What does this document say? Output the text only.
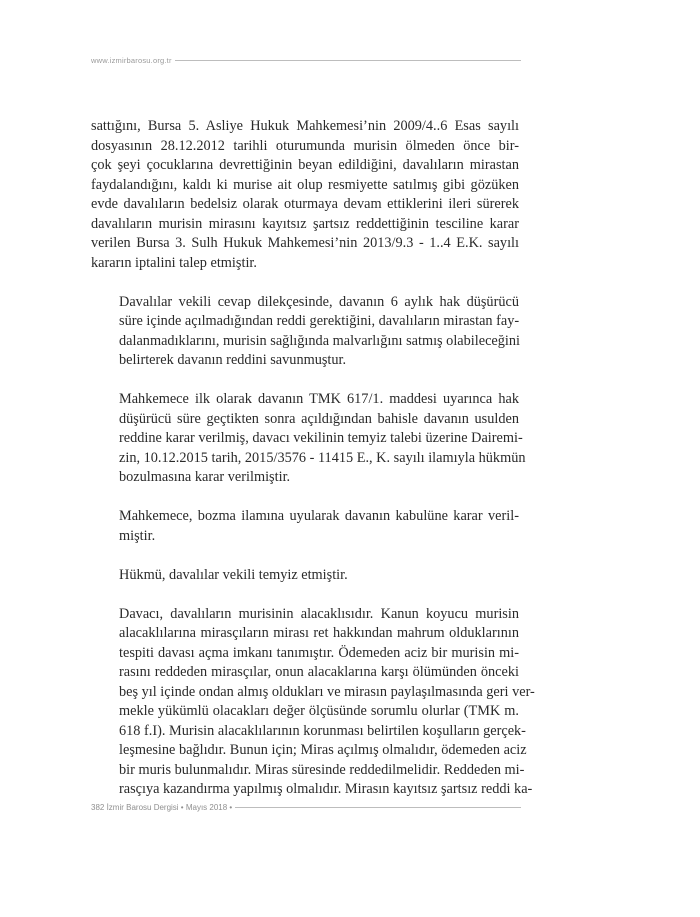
www.izmirbarosu.org.tr
sattığını, Bursa 5. Asliye Hukuk Mahkemesi’nin 2009/4..6 Esas sayılı
dosyasının 28.12.2012 tarihli oturumunda murisin ölmeden önce bir-
çok şeyi çocuklarına devrettiğinin beyan edildiğini, davalıların mirastan
faydalandığını, kaldı ki murise ait olup resmiyette satılmış gibi gözüken
evde davalıların bedelsiz olarak oturmaya devam ettiklerini ileri sürerek
davalıların murisin mirasını kayıtsız şartsız reddettiğinin tesciline karar
verilen Bursa 3. Sulh Hukuk Mahkemesi’nin 2013/9.3 - 1..4 E.K. sayılı
kararın iptalini talep etmiştir.
Davalılar vekili cevap dilekçesinde, davanın 6 aylık hak düşürücü
süre içinde açılmadığından reddi gerektiğini, davalıların mirastan fay-
dalanmadıklarını, murisin sağlığında malvarlığını satmış olabileceğini
belirterek davanın reddini savunmuştur.
Mahkemece ilk olarak davanın TMK 617/1. maddesi uyarınca hak
düşürücü süre geçtikten sonra açıldığından bahisle davanın usulden
reddine karar verilmiş, davacı vekilinin temyiz talebi üzerine Dairemi-
zin, 10.12.2015 tarih, 2015/3576 - 11415 E., K. sayılı ilamıyla hükmün
bozulmasına karar verilmiştir.
Mahkemece, bozma ilamına uyularak davanın kabulüne karar veril-
miştir.
Hükmü, davalılar vekili temyiz etmiştir.
Davacı, davalıların murisinin alacaklısıdır. Kanun koyucu murisin
alacaklılarına mirasçıların mirası ret hakkından mahrum olduklarının
tespiti davası açma imkanı tanımıştır. Ödemeden aciz bir murisin mi-
rasını reddeden mirasçılar, onun alacaklarına karşı ölümünden önceki
beş yıl içinde ondan almış oldukları ve mirasın paylaşılmasında geri ver-
mekle yükümlü olacakları değer ölçüsünde sorumlu olurlar (TMK m.
618 f.I). Murisin alacaklılarının korunması belirtilen koşulların gerçek-
leşmesine bağlıdır. Bunun için; Miras açılmış olmalıdır, ödemeden aciz
bir muris bulunmalıdır. Miras süresinde reddedilmelidir. Reddeden mi-
rasçıya kazandırma yapılmış olmalıdır. Mirasın kayıtsız şartsız reddi ka-
382 İzmir Barosu Dergisi • Mayıs 2018 •
